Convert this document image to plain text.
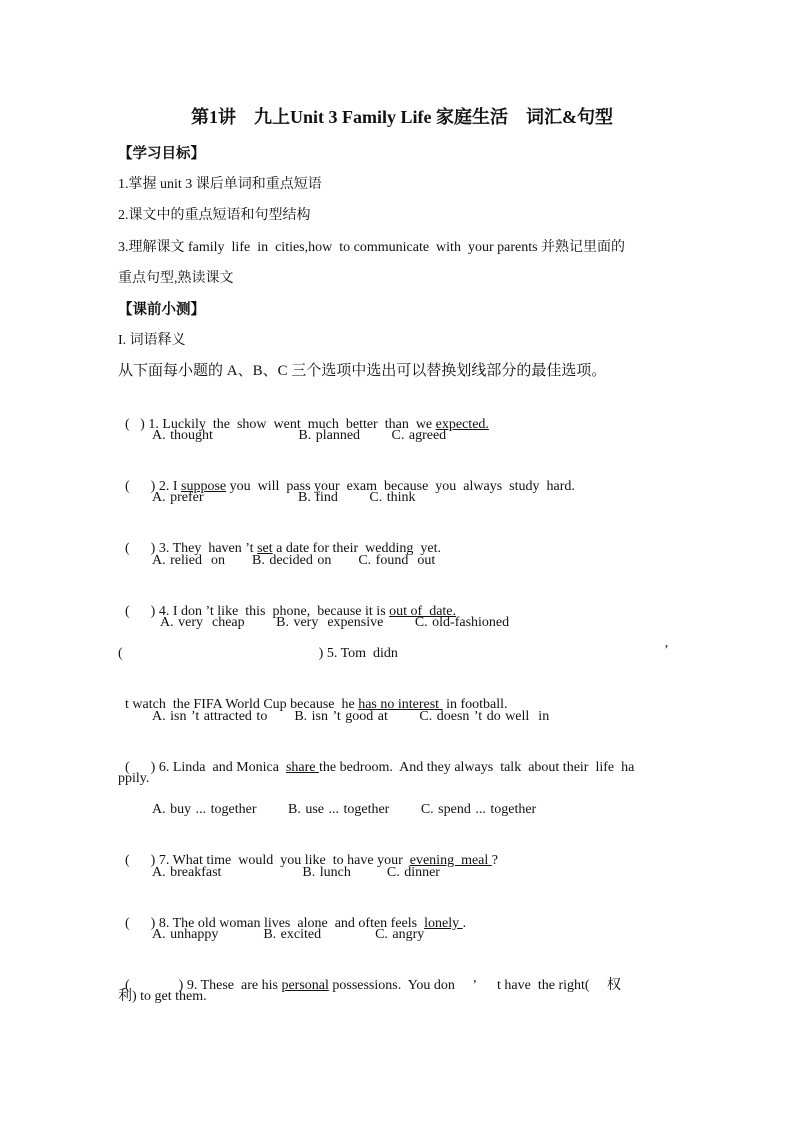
第1讲　九上Unit 3 Family Life 家庭生活　词汇&句型
【学习目标】
1.掌握 unit 3 课后单词和重点短语
2.课文中的重点短语和句型结构
3.理解课文 family  life  in  cities,how  to communicate  with  your parents 并熟记里面的
重点句型,熟读课文
【课前小测】
I. 词语释义
从下面每小题的 A、B、C 三个选项中选出可以替换划线部分的最佳选项。

(   ) 1. Luckily  the  show  went  much  better  than  we expected.

A. thought                   B. planned       C. agreed

(      ) 2. I suppose you  will  pass your  exam  because  you  always  study  hard.

A. prefer                     B. find       C. think

(      ) 3. They  haven ’t set a date for their  wedding  yet.

A. relied  on      B. decided on      C. found  out

(      ) 4. I don ’t like  this  phone,  because it is out of  date.

A. very  cheap       B. very  expensive       C. old-fashioned
(                                                        ) 5. Tom  didn	’

t watch  the FIFA World Cup because  he has no interest  in football.

A. isn ’t attracted to      B. isn ’t good at       C. doesn ’t do well  in

(      ) 6. Linda  and Monica  share the bedroom.  And they always  talk  about their  life  ha

ppily.
A. buy ... together       B. use ... together       C. spend ... together

(      ) 7. What time  would  you like  to have your  evening  meal ?

A. breakfast                  B. lunch        C. dinner

(      ) 8. The old woman lives  alone  and often feels  lonely .

A. unhappy          B. excited            C. angry

(              ) 9. These  are his personal possessions.  You don     ’      t have  the right(     权

利) to get them.
